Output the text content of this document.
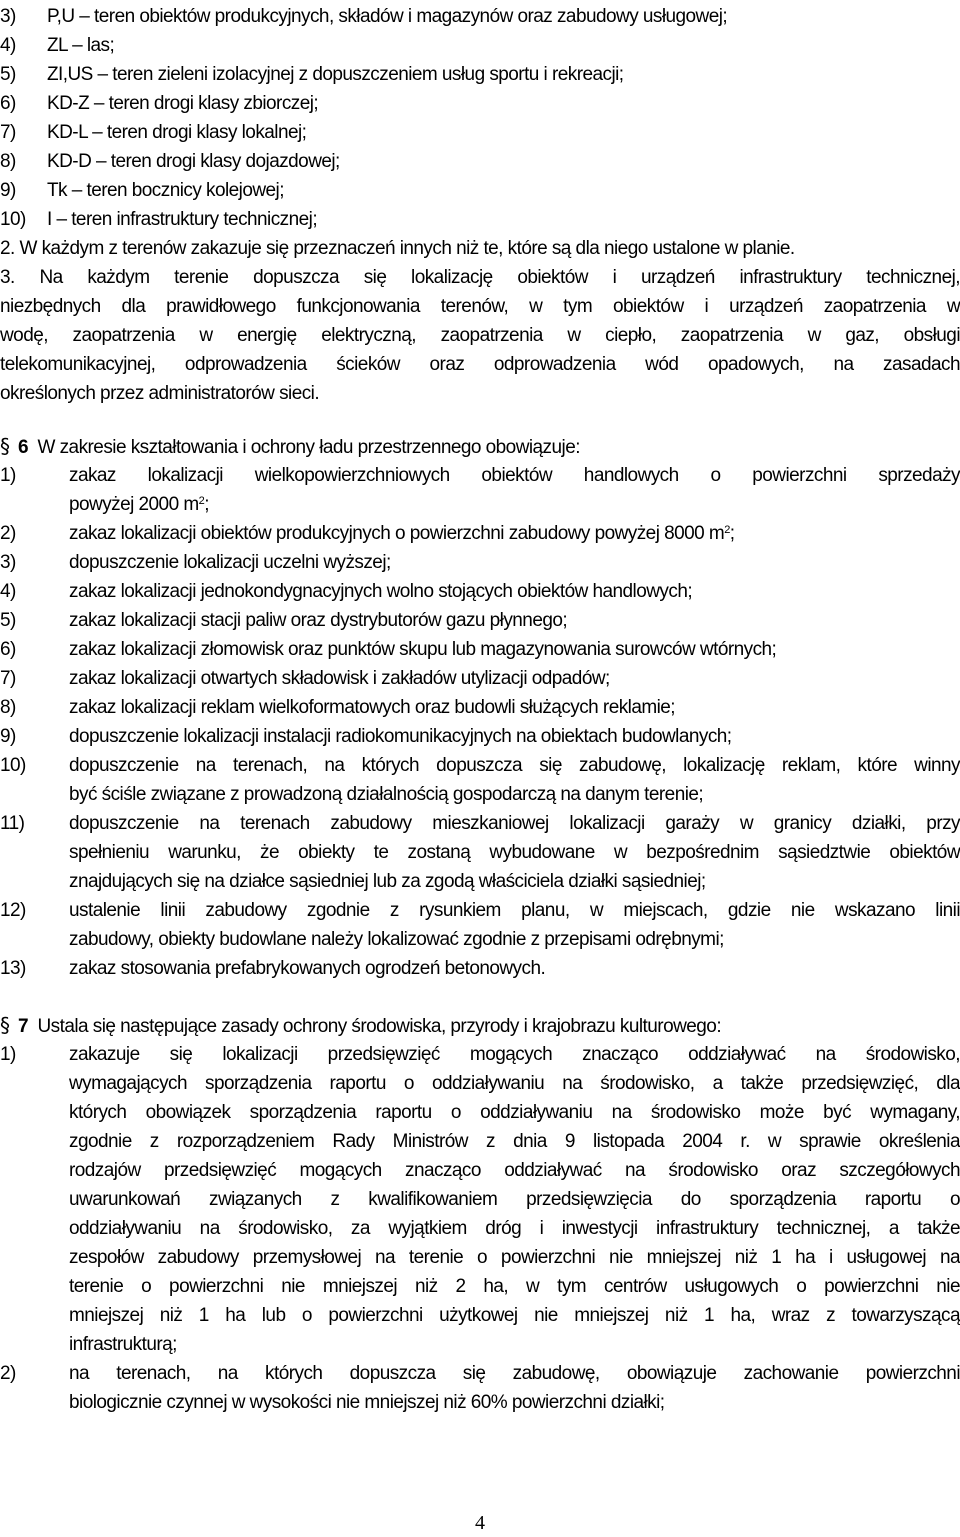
3) P,U – teren obiektów produkcyjnych, składów i magazynów oraz zabudowy usługowej;
4) ZL – las;
5) ZI,US – teren zieleni izolacyjnej z dopuszczeniem usług sportu i rekreacji;
6) KD-Z – teren drogi klasy zbiorczej;
7) KD-L – teren drogi klasy lokalnej;
8) KD-D – teren drogi klasy dojazdowej;
9) Tk – teren bocznicy kolejowej;
10) I – teren infrastruktury technicznej;
2. W każdym z terenów zakazuje się przeznaczeń innych niż te, które są dla niego ustalone w planie.
3. Na każdym terenie dopuszcza się lokalizację obiektów i urządzeń infrastruktury technicznej,
niezbędnych dla prawidłowego funkcjonowania terenów, w tym obiektów i urządzeń zaopatrzenia w
wodę, zaopatrzenia w energię elektryczną, zaopatrzenia w ciepło, zaopatrzenia w gaz, obsługi
telekomunikacyjnej, odprowadzenia ścieków oraz odprowadzenia wód opadowych, na zasadach
określonych przez administratorów sieci.
§ 6 W zakresie kształtowania i ochrony ładu przestrzennego obowiązuje:
1)	zakaz lokalizacji wielkopowierzchniowych obiektów handlowych o powierzchni sprzedaży
powyżej 2000 $m^2$;
2)	zakaz lokalizacji obiektów produkcyjnych o powierzchni zabudowy powyżej 8000 $m^2$;
3)	dopuszczenie lokalizacji uczelni wyższej;
4)	zakaz lokalizacji jednokondygnacyjnych wolno stojących obiektów handlowych;
5)	zakaz lokalizacji stacji paliw oraz dystrybutorów gazu płynnego;
6)	zakaz lokalizacji złomowisk oraz punktów skupu lub magazynowania surowców wtórnych;
7)	zakaz lokalizacji otwartych składowisk i zakładów utylizacji odpadów;
8)	zakaz lokalizacji reklam wielkoformatowych oraz budowli służących reklamie;
9)	dopuszczenie lokalizacji instalacji radiokomunikacyjnych na obiektach budowlanych;
10) dopuszczenie na terenach, na których dopuszcza się zabudowę, lokalizację reklam, które winny
być ściśle związane z prowadzoną działalnością gospodarczą na danym terenie;
11) dopuszczenie na terenach zabudowy mieszkaniowej lokalizacji garaży w granicy działki, przy
spełnieniu warunku, że obiekty te zostaną wybudowane w bezpośrednim sąsiedztwie obiektów
znajdujących się na działce sąsiedniej lub za zgodą właściciela działki sąsiedniej;
12) ustalenie linii zabudowy zgodnie z rysunkiem planu, w miejscach, gdzie nie wskazano linii
zabudowy, obiekty budowlane należy lokalizować zgodnie z przepisami odrębnymi;
13) zakaz stosowania prefabrykowanych ogrodzeń betonowych.
§ 7 Ustala się następujące zasady ochrony środowiska, przyrody i krajobrazu kulturowego:
1)	zakazuje się lokalizacji przedsięwzięć mogących znacząco oddziaływać na środowisko,
wymagających sporządzenia raportu o oddziaływaniu na środowisko, a także przedsięwzięć, dla
których obowiązek sporządzenia raportu o oddziaływaniu na środowisko może być wymagany,
zgodnie z rozporządzeniem Rady Ministrów z dnia 9 listopada 2004 r. w sprawie określenia
rodzajów przedsięwzięć mogących znacząco oddziaływać na środowisko oraz szczegółowych
uwarunkowań związanych z kwalifikowaniem przedsięwzięcia do sporządzenia raportu o
oddziaływaniu na środowisko, za wyjątkiem dróg i inwestycji infrastruktury technicznej, a także
zespołów zabudowy przemysłowej na terenie o powierzchni nie mniejszej niż 1 ha i usługowej na
terenie o powierzchni nie mniejszej niż 2 ha, w tym centrów usługowych o powierzchni nie
mniejszej niż 1 ha lub o powierzchni użytkowej nie mniejszej niż 1 ha, wraz z towarzyszącą
infrastrukturą;
2)	na terenach, na których dopuszcza się zabudowę, obowiązuje zachowanie powierzchni
biologicznie czynnej w wysokości nie mniejszej niż 60% powierzchni działki;
4
